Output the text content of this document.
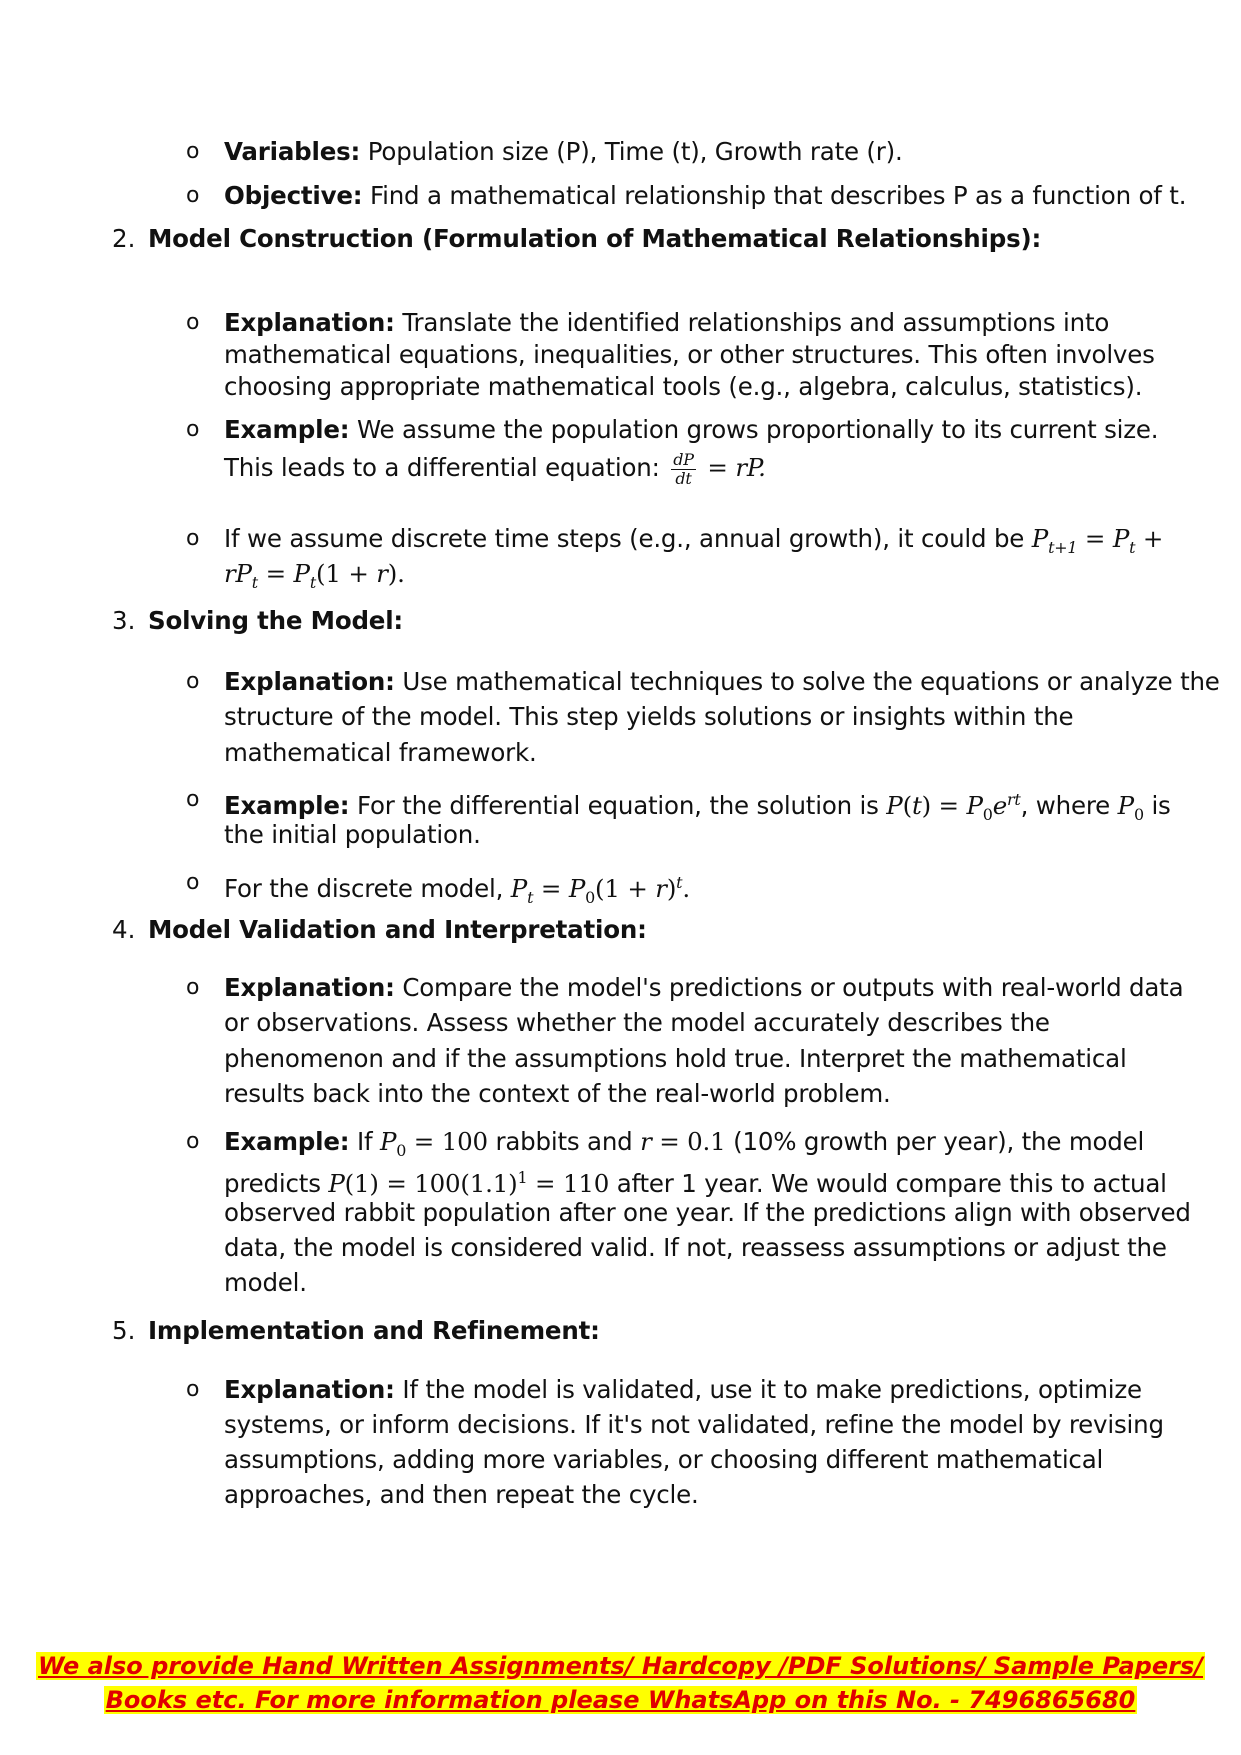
o Variables: Population size (P), Time (t), Growth rate (r).
o Objective: Find a mathematical relationship that describes P as a function of t.
2. Model Construction (Formulation of Mathematical Relationships):
o Explanation: Translate the identified relationships and assumptions into
mathematical equations, inequalities, or other structures. This often involves
choosing appropriate mathematical tools (e.g., algebra, calculus, statistics).
o Example: We assume the population grows proportionally to its current size.
This leads to a differential equation: $\frac{dP}{dt}$ = rP.
o If we assume discrete time steps (e.g., annual growth), it could be $P_{t+1} = P_t$ +
$rP_t = P_t(1 + r)$.
3. Solving the Model:
o Explanation: Use mathematical techniques to solve the equations or analyze the
structure of the model. This step yields solutions or insights within the
mathematical framework.
o Example: For the differential equation, the solution is $P(t) = P_0e^{rt}$, where $P_0$ is
the initial population.
o For the discrete model, $P_t = P_0(1 + r)^t$.
4. Model Validation and Interpretation:
o Explanation: Compare the model's predictions or outputs with real-world data
or observations. Assess whether the model accurately describes the
phenomenon and if the assumptions hold true. Interpret the mathematical
results back into the context of the real-world problem.
o Example: If $P_0 = 100$ rabbits and r = 0.1 (10% growth per year), the model
predicts $P(1) = 100(1.1)^1 = 110$ after 1 year. We would compare this to actual
observed rabbit population after one year. If the predictions align with observed
data, the model is considered valid. If not, reassess assumptions or adjust the
model.
5. Implementation and Refinement:
o Explanation: If the model is validated, use it to make predictions, optimize
systems, or inform decisions. If it's not validated, refine the model by revising
assumptions, adding more variables, or choosing different mathematical
approaches, and then repeat the cycle.
We also provide Hand Written Assignments/ Hardcopy /PDF Solutions/ Sample Papers/
Books etc. For more information please WhatsApp on this No. - 7496865680
